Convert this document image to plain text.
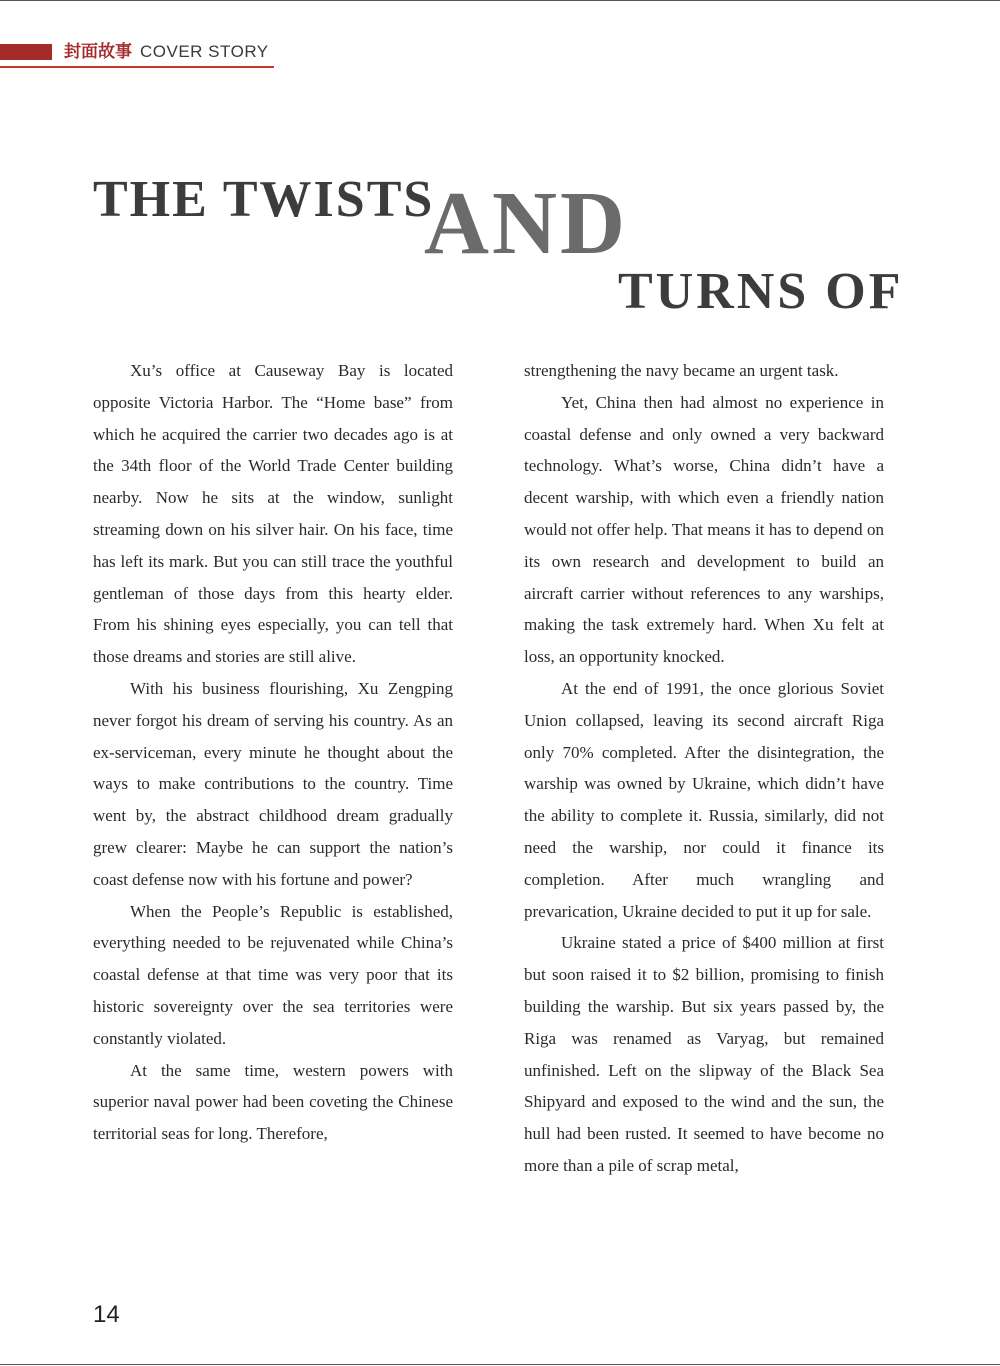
封面故事 COVER STORY
THE TWISTS
AND
TURNS OF

Xu’s office at Causeway Bay is located opposite Victoria Harbor. The “Home base” from which he acquired the carrier two decades ago is at the 34th floor of the World Trade Center building nearby. Now he sits at the window, sunlight streaming down on his silver hair. On his face, time has left its mark. But you can still trace the youthful gentleman of those days from this hearty elder. From his shining eyes especially, you can tell that those dreams and stories are still alive.

With his business flourishing, Xu Zengping never forgot his dream of serving his country. As an ex-serviceman, every minute he thought about the ways to make contributions to the country. Time went by, the abstract childhood dream gradually grew clearer: Maybe he can support the nation’s coast defense now with his fortune and power?

When the People’s Republic is established, everything needed to be rejuvenated while China’s coastal defense at that time was very poor that its historic sovereignty over the sea territories were constantly violated.

At the same time, western powers with superior naval power had been coveting the Chinese territorial seas for long. Therefore,

strengthening the navy became an urgent task.

Yet, China then had almost no experience in coastal defense and only owned a very backward technology. What’s worse, China didn’t have a decent warship, with which even a friendly nation would not offer help. That means it has to depend on its own research and development to build an aircraft carrier without references to any warships, making the task extremely hard. When Xu felt at loss, an opportunity knocked.

At the end of 1991, the once glorious Soviet Union collapsed, leaving its second aircraft Riga only 70% completed. After the disintegration, the warship was owned by Ukraine, which didn’t have the ability to complete it. Russia, similarly, did not need the warship, nor could it finance its completion. After much wrangling and prevarication, Ukraine decided to put it up for sale.

Ukraine stated a price of $400 million at first but soon raised it to $2 billion, promising to finish building the warship. But six years passed by, the Riga was renamed as Varyag, but remained unfinished. Left on the slipway of the Black Sea Shipyard and exposed to the wind and the sun, the hull had been rusted. It seemed to have become no more than a pile of scrap metal,

14
